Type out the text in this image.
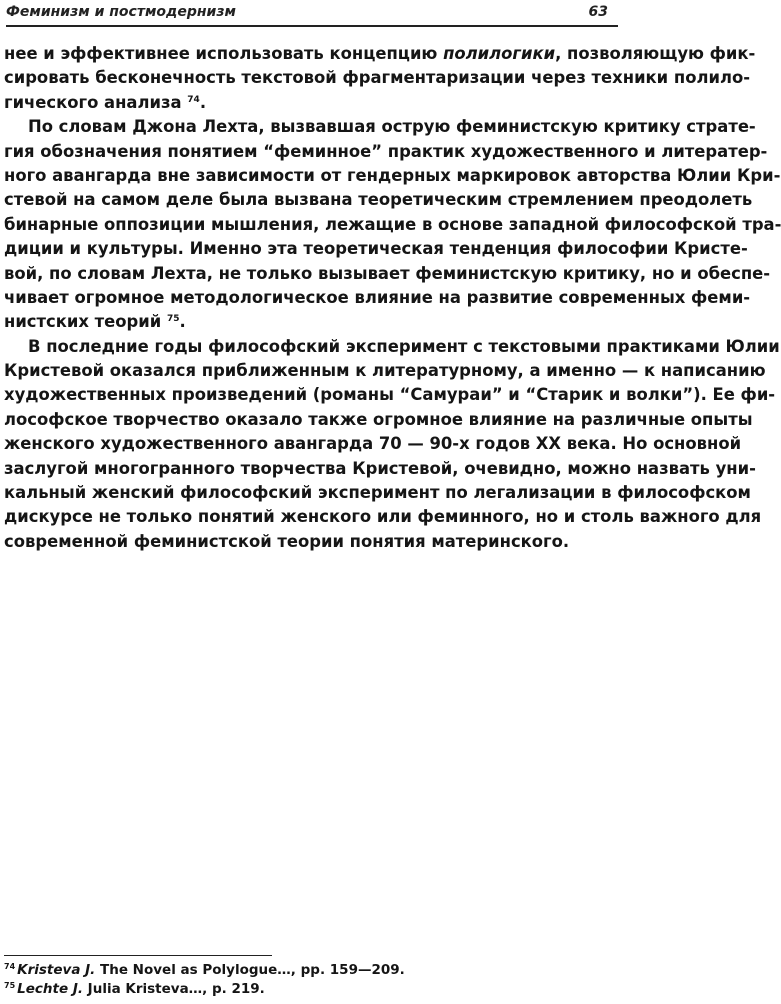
Феминизм и постмодернизм	63
нее и эффективнее использовать концепцию полилогики, позволяющую фик-
сировать бесконечность текстовой фрагментаризации через техники полило-
гического анализа $^{74}$.
По словам Джона Лехта, вызвавшая острую феминистскую критику страте-
гия обозначения понятием “феминное” практик художественного и литератер-
ного авангарда вне зависимости от гендерных маркировок авторства Юлии Кри-
стевой на самом деле была вызвана теоретическим стремлением преодолеть
бинарные оппозиции мышления, лежащие в основе западной философской тра-
диции и культуры. Именно эта теоретическая тенденция философии Кристе-
вой, по словам Лехта, не только вызывает феминистскую критику, но и обеспе-
чивает огромное методологическое влияние на развитие современных феми-
нистских теорий $^{75}$.
В последние годы философский эксперимент с текстовыми практиками Юлии
Кристевой оказался приближенным к литературному, а именно — к написанию
художественных произведений (романы “Самураи” и “Старик и волки”). Ее фи-
лософское творчество оказало также огромное влияние на различные опыты
женского художественного авангарда 70 — 90-х годов XX века. Но основной
заслугой многогранного творчества Кристевой, очевидно, можно назвать уни-
кальный женский философский эксперимент по легализации в философском
дискурсе не только понятий женского или феминного, но и столь важного для
современной феминистской теории понятия материнского.
$^{74}$ Kristeva J. The Novel as Polylogue…, pp. 159—209.
$^{75}$ Lechte J. Julia Kristeva…, p. 219.
